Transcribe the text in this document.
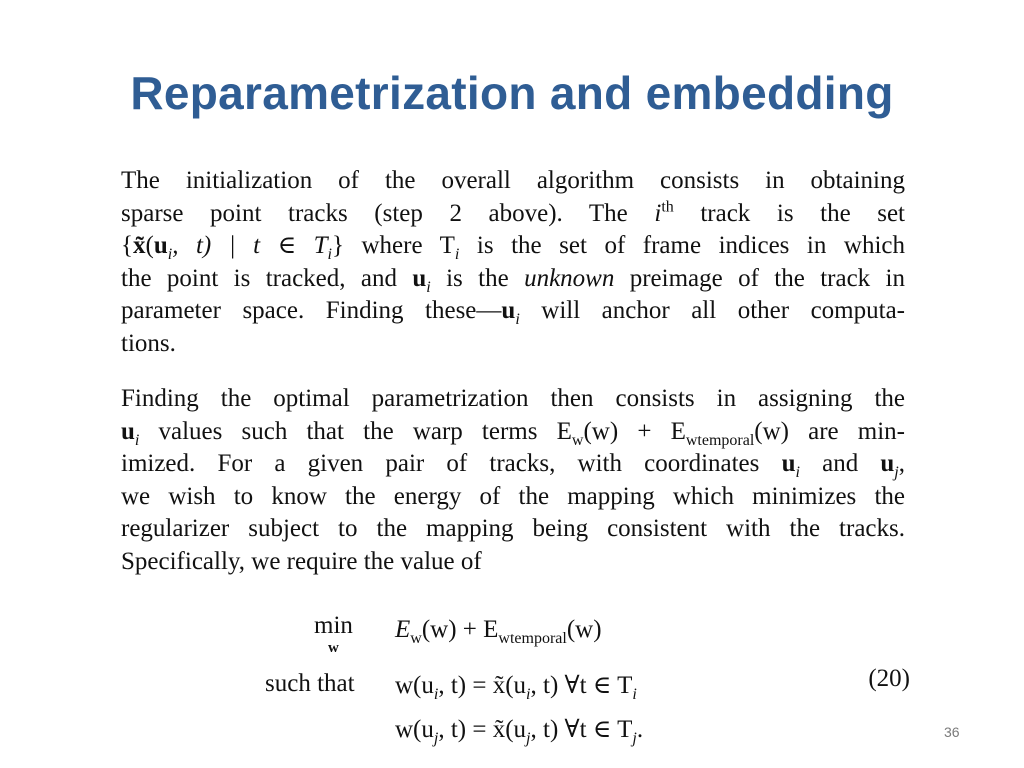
Reparametrization and embedding
The initialization of the overall algorithm consists in obtaining
sparse point tracks (step 2 above). The $i^{th}$ track is the set
{$x̃(u_i$, t) | t ∈ $T_i$} where $T_i$ is the set of frame indices in which
the point is tracked, and $u_i$ is the unknown preimage of the track in
parameter space. Finding $these—u_i$ will anchor all other computa-
tions.
Finding the optimal parametrization then consists in assigning the
$u_i$ values such that the warp terms $E_w(w) + E_{wtemporal}(w)$ are min-
imized. For a given pair of tracks, with coordinates $u_i$ and $u_j$,
we wish to know the energy of the mapping which minimizes the
regularizer subject to the mapping being consistent with the tracks.
Specifically, we require the value of
min
w
$E_w(w) + E_{wtemporal}(w)$
such that $w(u_i$, $t) = x̃(u_i$, t) ∀t ∈ $T_i$
$w(u_j$, $t) = x̃(u_j$, t) ∀t ∈ $T_j$.
(20)
36
